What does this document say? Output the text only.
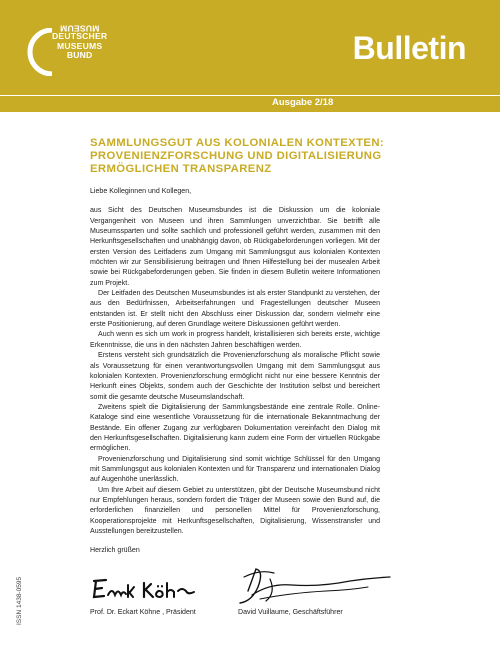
MUSEUM
DEUTSCHER
MUSEUMS
BUND	Bulletin
Ausgabe 2/18
SAMMLUNGSGUT AUS KOLONIALEN KONTEXTEN:
PROVENIENZFORSCHUNG UND DIGITALISIERUNG
ERMÖGLICHEN TRANSPARENZ

Liebe Kolleginnen und Kollegen,

aus Sicht des Deutschen Museumsbundes ist die Diskussion um die koloniale Vergangenheit von Museen und ihren Sammlungen unverzichtbar. Sie betrifft alle Museumssparten und sollte sachlich und professionell geführt werden, zusammen mit den Herkunftsgesellschaften und unabhängig davon, ob Rückgabeforderungen vorliegen. Mit der ersten Version des Leitfadens zum Umgang mit Sammlungsgut aus kolonialen Kontexten möchten wir zur Sensibilisierung beitragen und Ihnen Hilfestellung bei der musealen Arbeit sowie bei Rückgabeforderungen geben. Sie finden in diesem Bulletin weitere Informationen zum Projekt.

Der Leitfaden des Deutschen Museumsbundes ist als erster Standpunkt zu verstehen, der aus den Bedürfnissen, Arbeitserfahrungen und Fragestellungen deutscher Museen entstanden ist. Er stellt nicht den Abschluss einer Diskussion dar, sondern vielmehr eine erste Positionierung, auf deren Grundlage weitere Diskussionen geführt werden.

Auch wenn es sich um work in progress handelt, kristallisieren sich bereits erste, wichtige Erkenntnisse, die uns in den nächsten Jahren beschäftigen werden.

Erstens versteht sich grundsätzlich die Provenienzforschung als moralische Pflicht sowie als Voraussetzung für einen verantwortungsvollen Umgang mit dem Sammlungsgut aus kolonialen Kontexten. Provenienzforschung ermöglicht nicht nur eine bessere Kenntnis der Herkunft eines Objekts, sondern auch der Geschichte der Institution selbst und bereichert somit die gesamte deutsche Museumslandschaft.

Zweitens spielt die Digitalisierung der Sammlungsbestände eine zentrale Rolle. Online-Kataloge sind eine wesentliche Voraussetzung für die internationale Bekanntmachung der Bestände. Ein offener Zugang zur verfügbaren Dokumentation vereinfacht den Dialog mit den Herkunftsgesellschaften. Digitalisierung kann zudem eine Form der virtuellen Rückgabe ermöglichen.

Provenienzforschung und Digitalisierung sind somit wichtige Schlüssel für den Umgang mit Sammlungsgut aus kolonialen Kontexten und für Transparenz und internationalen Dialog auf Augenhöhe unerlässlich.

Um Ihre Arbeit auf diesem Gebiet zu unterstützen, gibt der Deutsche Museumsbund nicht nur Empfehlungen heraus, sondern fordert die Träger der Museen sowie den Bund auf, die erforderlichen finanziellen und personellen Mittel für Provenienzforschung, Kooperationsprojekte mit Herkunftsgesellschaften, Digitalisierung, Wissenstransfer und Ausstellungen bereitzustellen.

Herzlich grüßen

Prof. Dr. Eckart Köhne , Präsident	David Vuillaume, Geschäftsführer
ISSN 1438-0595
